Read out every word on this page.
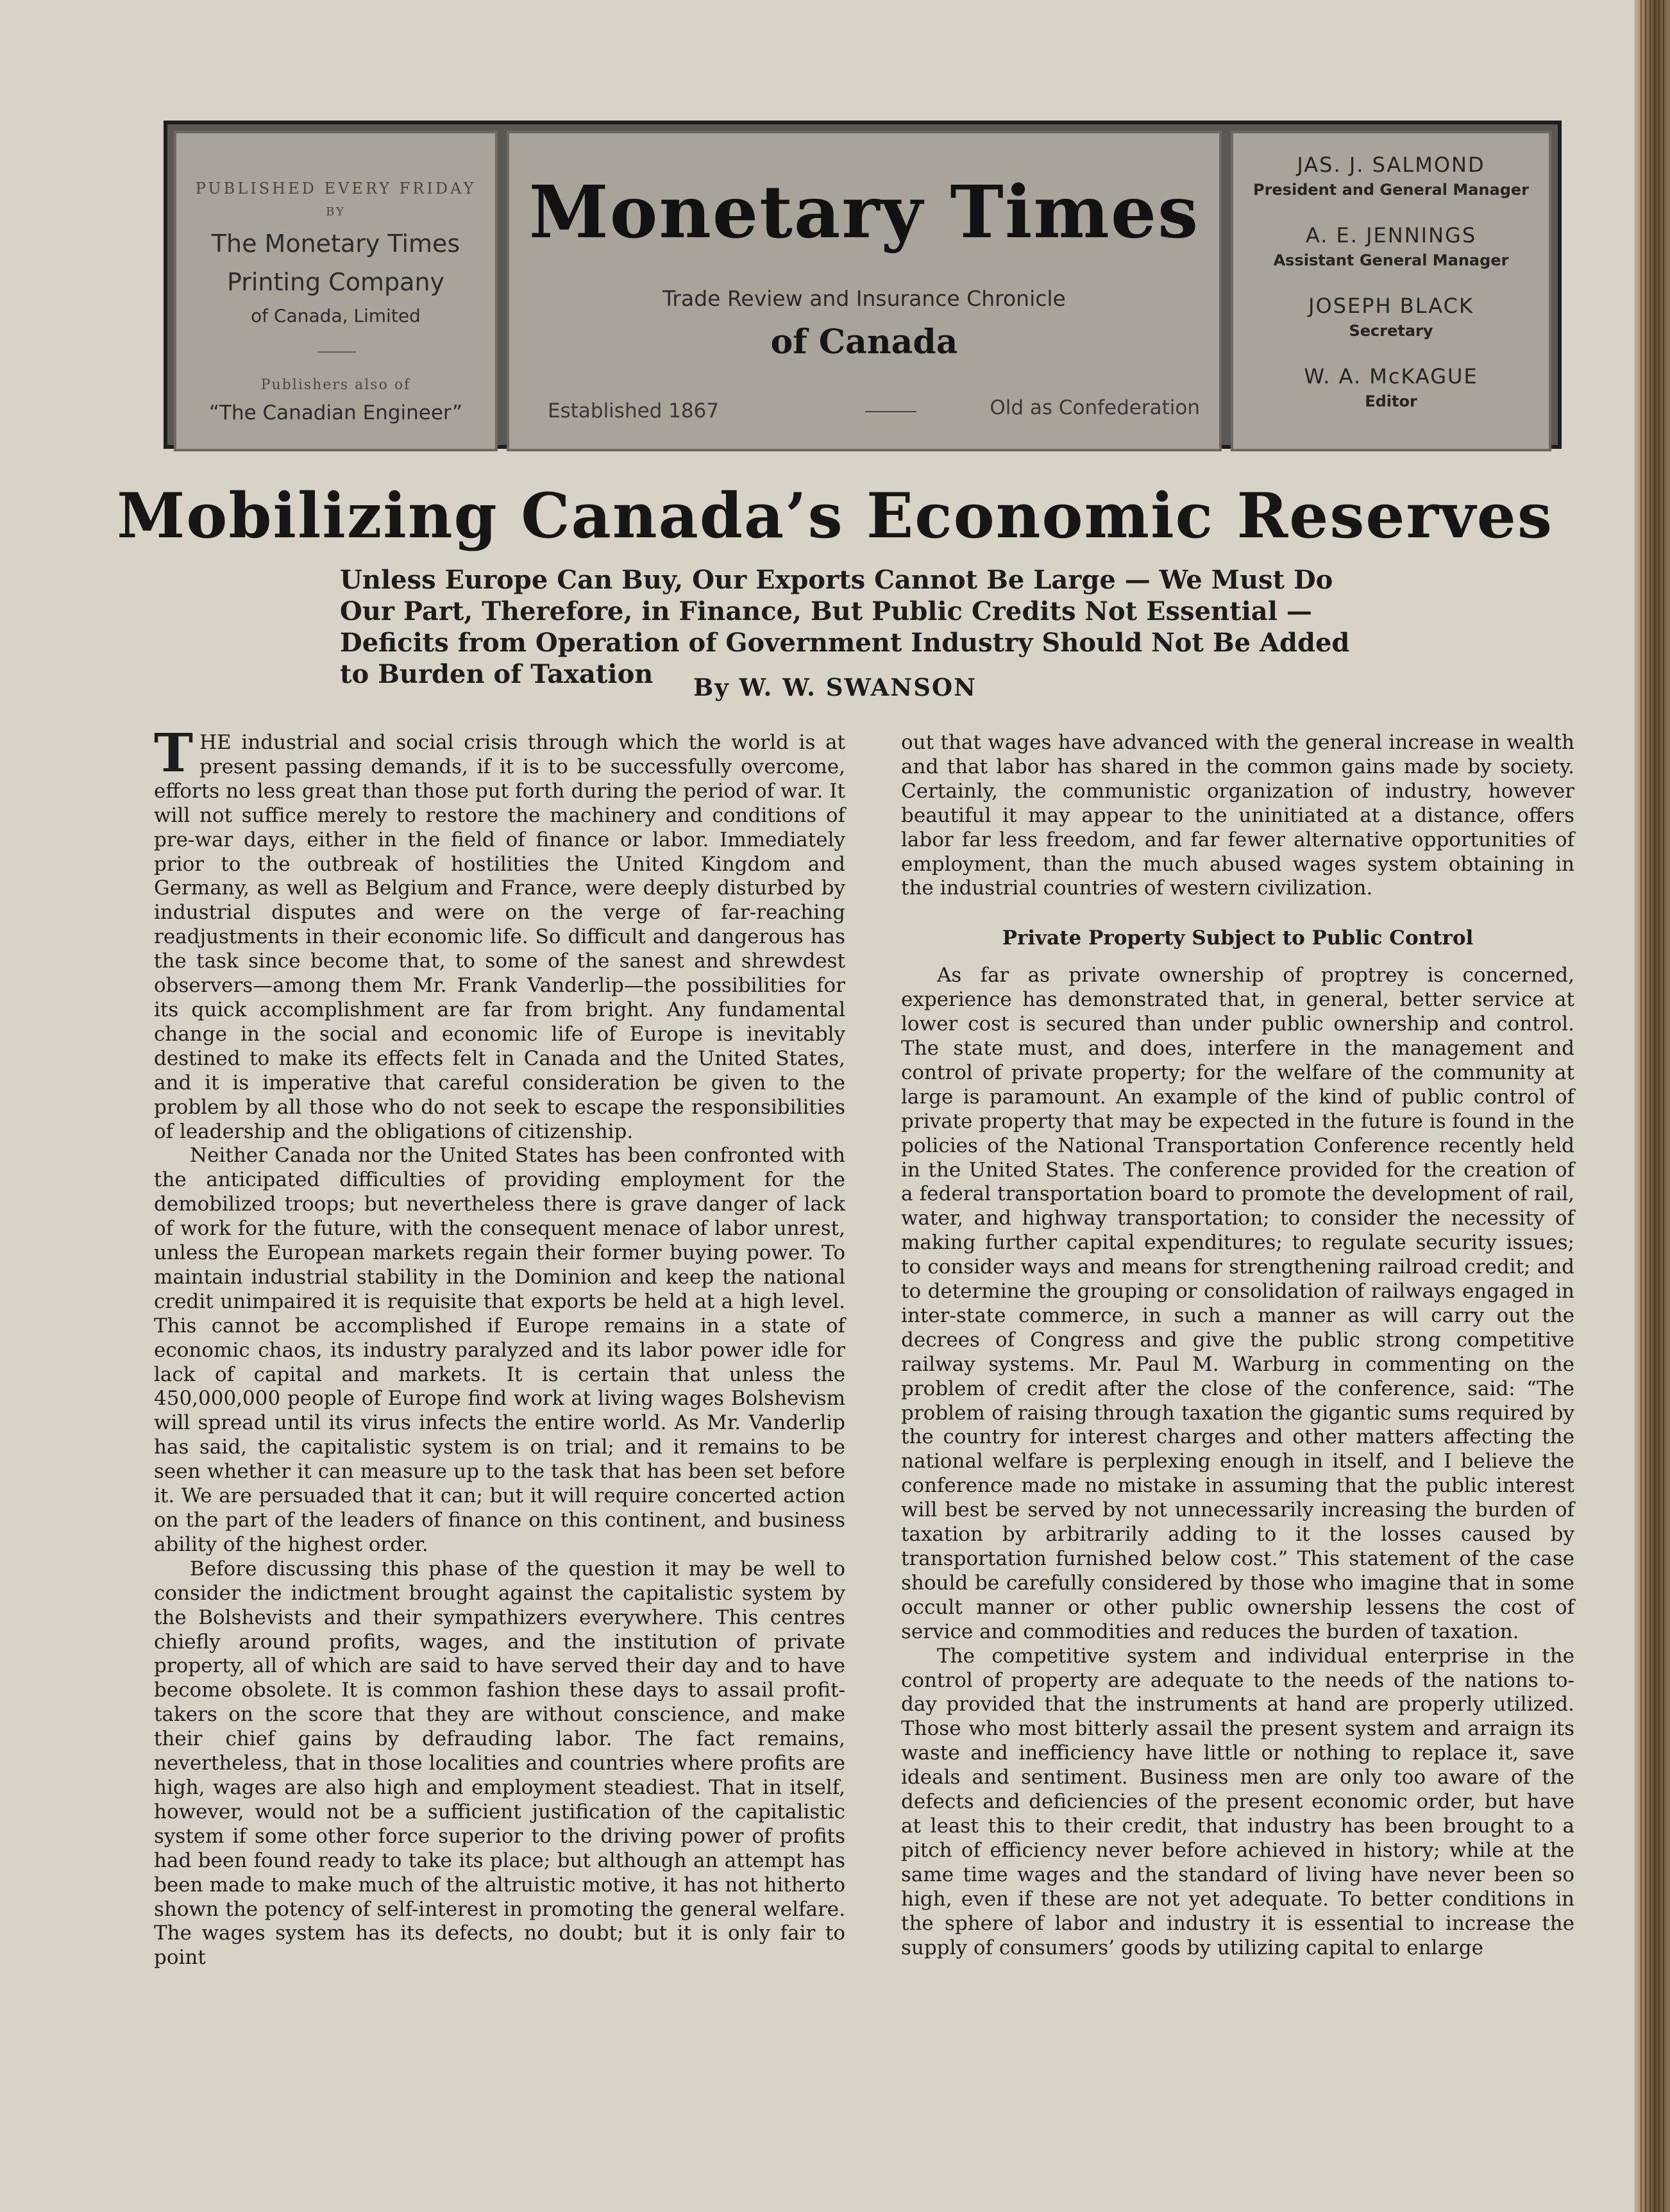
PUBLISHED EVERY FRIDAY
BY
The Monetary Times
Printing Company
of Canada, Limited
Publishers also of
“The Canadian Engineer”
Monetary Times
Trade Review and Insurance Chronicle
of Canada
Established 1867	Old as Confederation
JAS. J. SALMOND
President and General Manager
A. E. JENNINGS
Assistant General Manager
JOSEPH BLACK
Secretary
W. A. McKAGUE
Editor
Mobilizing Canada’s Economic Reserves
Unless Europe Can Buy, Our Exports Cannot Be Large — We Must Do Our Part, Therefore, in Finance, But Public Credits Not Essential — Deficits from Operation of Government Industry Should Not Be Added to Burden of Taxation	By W. W. SWANSON

THE industrial and social crisis through which the world is at present passing demands, if it is to be successfully overcome, efforts no less great than those put forth during the period of war. It will not suffice merely to restore the machinery and conditions of pre-war days, either in the field of finance or labor. Immediately prior to the outbreak of hostilities the United Kingdom and Germany, as well as Belgium and France, were deeply disturbed by industrial disputes and were on the verge of far-reaching readjustments in their economic life. So difficult and dangerous has the task since become that, to some of the sanest and shrewdest observers—among them Mr. Frank Vanderlip—the possibilities for its quick accomplishment are far from bright. Any fundamental change in the social and economic life of Europe is inevitably destined to make its effects felt in Canada and the United States, and it is imperative that careful consideration be given to the problem by all those who do not seek to escape the responsibilities of leadership and the obligations of citizenship.

Neither Canada nor the United States has been confronted with the anticipated difficulties of providing employment for the demobilized troops; but nevertheless there is grave danger of lack of work for the future, with the consequent menace of labor unrest, unless the European markets regain their former buying power. To maintain industrial stability in the Dominion and keep the national credit unimpaired it is requisite that exports be held at a high level. This cannot be accomplished if Europe remains in a state of economic chaos, its industry paralyzed and its labor power idle for lack of capital and markets. It is certain that unless the 450,000,000 people of Europe find work at living wages Bolshevism will spread until its virus infects the entire world. As Mr. Vanderlip has said, the capitalistic system is on trial; and it remains to be seen whether it can measure up to the task that has been set before it. We are persuaded that it can; but it will require concerted action on the part of the leaders of finance on this continent, and business ability of the highest order.

Before discussing this phase of the question it may be well to consider the indictment brought against the capitalistic system by the Bolshevists and their sympathizers everywhere. This centres chiefly around profits, wages, and the institution of private property, all of which are said to have served their day and to have become obsolete. It is common fashion these days to assail profit-takers on the score that they are without conscience, and make their chief gains by defrauding labor. The fact remains, nevertheless, that in those localities and countries where profits are high, wages are also high and employment steadiest. That in itself, however, would not be a sufficient justification of the capitalistic system if some other force superior to the driving power of profits had been found ready to take its place; but although an attempt has been made to make much of the altruistic motive, it has not hitherto shown the potency of self-interest in promoting the general welfare. The wages system has its defects, no doubt; but it is only fair to point

out that wages have advanced with the general increase in wealth and that labor has shared in the common gains made by society. Certainly, the communistic organization of industry, however beautiful it may appear to the uninitiated at a distance, offers labor far less freedom, and far fewer alternative opportunities of employment, than the much abused wages system obtaining in the industrial countries of western civilization.

Private Property Subject to Public Control

As far as private ownership of proptrey is concerned, experience has demonstrated that, in general, better service at lower cost is secured than under public ownership and control. The state must, and does, interfere in the management and control of private property; for the welfare of the community at large is paramount. An example of the kind of public control of private property that may be expected in the future is found in the policies of the National Transportation Conference recently held in the United States. The conference provided for the creation of a federal transportation board to promote the development of rail, water, and highway transportation; to consider the necessity of making further capital expenditures; to regulate security issues; to consider ways and means for strengthening railroad credit; and to determine the grouping or consolidation of railways engaged in inter-state commerce, in such a manner as will carry out the decrees of Congress and give the public strong competitive railway systems. Mr. Paul M. Warburg in commenting on the problem of credit after the close of the conference, said: “The problem of raising through taxation the gigantic sums required by the country for interest charges and other matters affecting the national welfare is perplexing enough in itself, and I believe the conference made no mistake in assuming that the public interest will best be served by not unnecessarily increasing the burden of taxation by arbitrarily adding to it the losses caused by transportation furnished below cost.” This statement of the case should be carefully considered by those who imagine that in some occult manner or other public ownership lessens the cost of service and commodities and reduces the burden of taxation.

The competitive system and individual enterprise in the control of property are adequate to the needs of the nations to-day provided that the instruments at hand are properly utilized. Those who most bitterly assail the present system and arraign its waste and inefficiency have little or nothing to replace it, save ideals and sentiment. Business men are only too aware of the defects and deficiencies of the present economic order, but have at least this to their credit, that industry has been brought to a pitch of efficiency never before achieved in history; while at the same time wages and the standard of living have never been so high, even if these are not yet adequate. To better conditions in the sphere of labor and industry it is essential to increase the supply of consumers’ goods by utilizing capital to enlarge
